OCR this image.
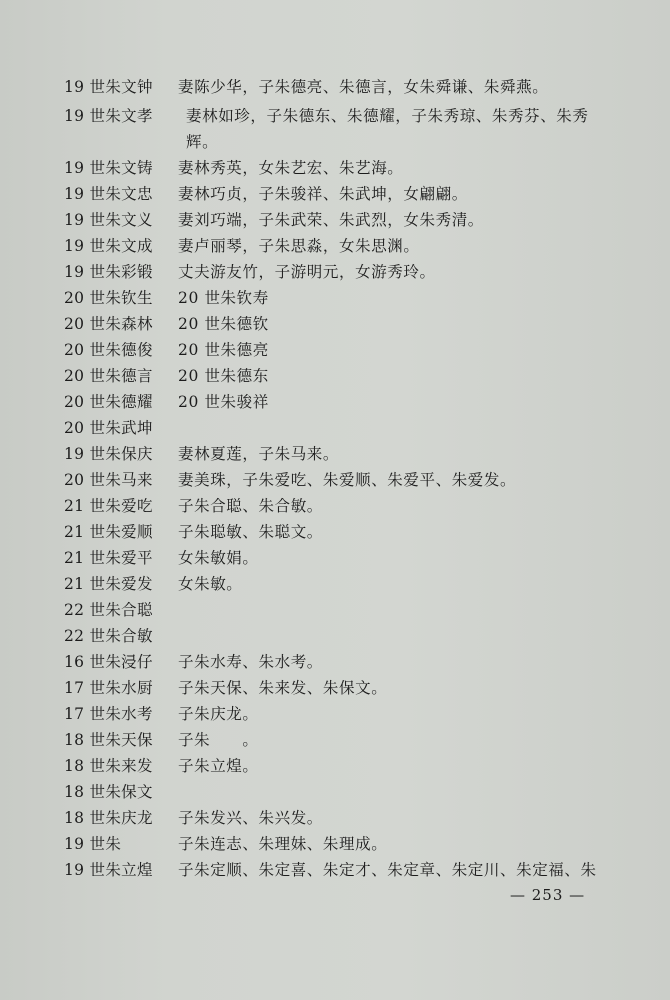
19 世朱文钟 妻陈少华，子朱德亮、朱德言，女朱舜谦、朱舜燕。
19 世朱文孝 妻林如珍，子朱德东、朱德耀，子朱秀琼、朱秀芬、朱秀
辉。
19 世朱文铸 妻林秀英，女朱艺宏、朱艺海。
19 世朱文忠 妻林巧贞，子朱骏祥、朱武坤，女翩翩。
19 世朱文义 妻刘巧端，子朱武荣、朱武烈，女朱秀清。
19 世朱文成 妻卢丽琴，子朱思淼，女朱思渊。
19 世朱彩锻 丈夫游友竹，子游明元，女游秀玲。
20 世朱钦生 20 世朱钦寿
20 世朱森林 20 世朱德钦
20 世朱德俊 20 世朱德亮
20 世朱德言 20 世朱德东
20 世朱德耀 20 世朱骏祥
20 世朱武坤
19 世朱保庆 妻林夏莲，子朱马来。
20 世朱马来 妻美珠，子朱爱吃、朱爱顺、朱爱平、朱爱发。
21 世朱爱吃 子朱合聪、朱合敏。
21 世朱爱顺 子朱聪敏、朱聪文。
21 世朱爱平 女朱敏娟。
21 世朱爱发 女朱敏。
22 世朱合聪
22 世朱合敏
16 世朱浸仔 子朱水寿、朱水考。
17 世朱水厨 子朱天保、朱来发、朱保文。
17 世朱水考 子朱庆龙。
18 世朱天保 子朱　　。
18 世朱来发 子朱立煌。
18 世朱保文
18 世朱庆龙 子朱发兴、朱兴发。
19 世朱	子朱连志、朱理妹、朱理成。
19 世朱立煌 子朱定顺、朱定喜、朱定才、朱定章、朱定川、朱定福、朱
— 253 —
